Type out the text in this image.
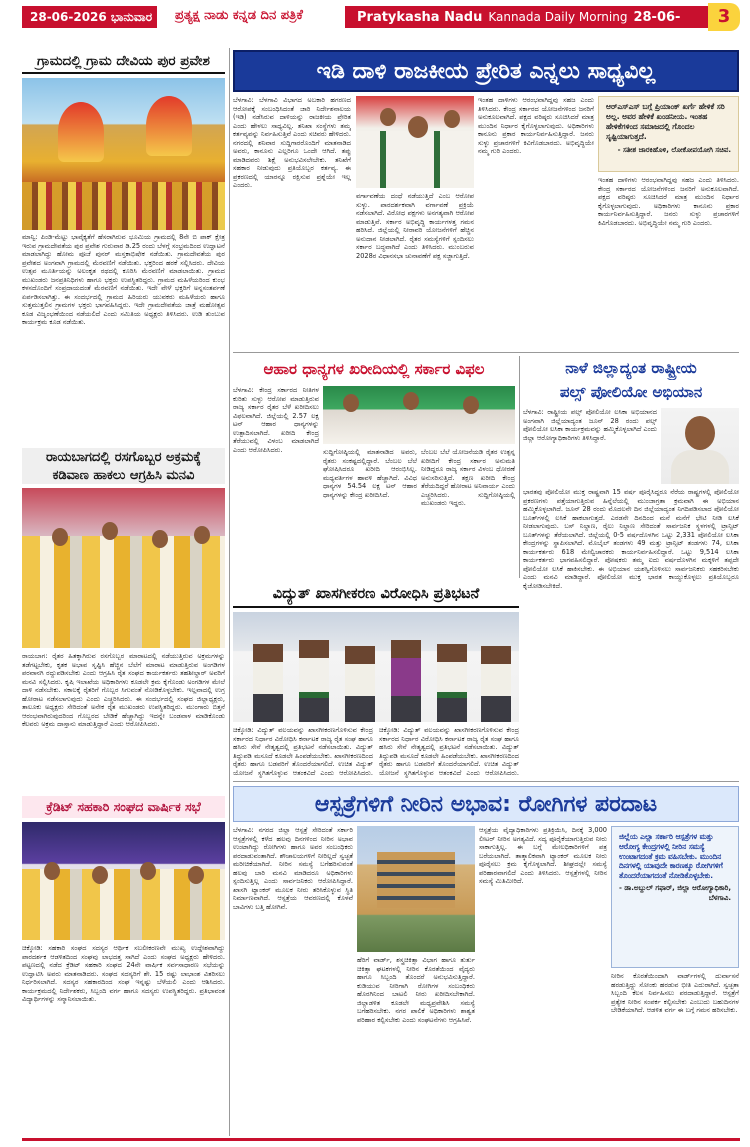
28-06-2026 ಭಾನುವಾರ	ಪ್ರತ್ಯಕ್ಷ ನಾಡು ಕನ್ನಡ ದಿನ ಪತ್ರಿಕೆ	Pratykasha Nadu Kannada Daily Morning 28-06-2026 SUNDAY
3
ಗ್ರಾಮದಲ್ಲಿ ಗ್ರಾಮ ದೇವಿಯ ಪುರ ಪ್ರವೇಶ
ಮಾನ್ವಿ: ಪಿಂಡಿ-ಮೆಟ್ಟು ಭಾವೈಕ್ಯತೆಗೆ ಹೆಸರಾಗಿರುವ ಭೂಮಿಯ ಗ್ರಾಮದಲ್ಲಿ 8ನೇ ಬಿ ಪಾಕ್ ಕ್ಷೇತ್ರ ಇರುವ ಗ್ರಾಮದೇವತೆಯ ಪುರ ಪ್ರವೇಶ ಗುರುವಾರ ಡಿ.25 ರಂದು ಬೆಳಗ್ಗೆ ಸಂಭ್ರಮದಿಂದ ಉದ್ಘಾಟನೆ ಮಾಡಲಾಗಿದ್ದು ಹೋಮ ಪೂಜೆ ಪುನರ್ ಮಸ್ತಕಾಭಿಷೇಕ ನಡೆಯಿತು. ಗ್ರಾಮದೇವತೆಯ ಪುರ ಪ್ರವೇಶದ ಅಂಗವಾಗಿ ಗ್ರಾಮದಲ್ಲಿ ಮೆರವಣಿಗೆ ನಡೆಯಿತು. ಭಕ್ತರಿಂದ ಹರಕೆ ಸಲ್ಲಿಸಿದರು. ದೇವಿಯ ಉತ್ಸವ ಮೂರ್ತಿಯನ್ನು ಅಲಂಕೃತ ರಥದಲ್ಲಿ ಕೂರಿಸಿ ಮೆರವಣಿಗೆ ಮಾಡಲಾಯಿತು. ಗ್ರಾಮದ ಮುಖಂಡರು ಜನಪ್ರತಿನಿಧಿಗಳು ಹಾಗೂ ಭಕ್ತರು ಉಪಸ್ಥಿತರಿದ್ದರು. ಗ್ರಾಮದ ಮಹಿಳೆಯರಿಂದ ಕುಂಭ ಕಳಸದೊಂದಿಗೆ ಸಂಪ್ರದಾಯದಂತೆ ಮೆರವಣಿಗೆ ನಡೆಯಿತು. ಇದೇ ವೇಳೆ ಭಕ್ತರಿಗೆ ಅನ್ನಸಂತರ್ಪಣೆ ಏರ್ಪಡಿಸಲಾಗಿತ್ತು. ಈ ಸಂದರ್ಭದಲ್ಲಿ ಗ್ರಾಮದ ಹಿರಿಯರು ಯುವಕರು ಮಹಿಳೆಯರು ಹಾಗೂ ಸುತ್ತಮುತ್ತಲಿನ ಗ್ರಾಮಗಳ ಭಕ್ತರು ಭಾಗವಹಿಸಿದ್ದರು. ಇದೇ ಗ್ರಾಮದೇವತೆಯ ಜಾತ್ರೆ ಮಹೋತ್ಸವ ಕೂಡ ವಿಜೃಂಭಣೆಯಿಂದ ನಡೆಯಲಿದೆ ಎಂದು ಸಮಿತಿಯ ಅಧ್ಯಕ್ಷರು ತಿಳಿಸಿದರು. ಉಡಿ ತುಂಬುವ ಕಾರ್ಯಕ್ರಮ ಕೂಡ ನಡೆಯಿತು.
ರಾಯಬಾಗದಲ್ಲಿ ರಸಗೊಬ್ಬರ ಅಕ್ರಮಕ್ಕೆ
ಕಡಿವಾಣ ಹಾಕಲು ಆಗ್ರಹಿಸಿ ಮನವಿ
ರಾಯಬಾಗ: ರೈತರ ಹಿತಕ್ಕಾಗಿರುವ ರಸಗೊಬ್ಬರ ಮಾರಾಟದಲ್ಲಿ ನಡೆಯುತ್ತಿರುವ ಅಕ್ರಮಗಳನ್ನು ತಡೆಗಟ್ಟಬೇಕು, ಕೃತಕ ಅಭಾವ ಸೃಷ್ಟಿಸಿ ಹೆಚ್ಚಿನ ಬೆಲೆಗೆ ಮಾರಾಟ ಮಾಡುತ್ತಿರುವ ಅಂಗಡಿಗಳ ಪರವಾನಗಿ ರದ್ದುಪಡಿಸಬೇಕು ಎಂದು ಆಗ್ರಹಿಸಿ ರೈತ ಸಂಘದ ಕಾರ್ಯಕರ್ತರು ತಹಶೀಲ್ದಾರ್ ಅವರಿಗೆ ಮನವಿ ಸಲ್ಲಿಸಿದರು. ಕೃಷಿ ಇಲಾಖೆಯ ಅಧಿಕಾರಿಗಳು ಕೂಡಲೇ ಕ್ರಮ ಕೈಗೊಂಡು ಅಂಗಡಿಗಳ ಮೇಲೆ ದಾಳಿ ನಡೆಸಬೇಕು. ಸಕಾಲಕ್ಕೆ ರೈತರಿಗೆ ಗೊಬ್ಬರ ಸಿಗುವಂತೆ ನೋಡಿಕೊಳ್ಳಬೇಕು. ಇಲ್ಲವಾದಲ್ಲಿ ಉಗ್ರ ಹೋರಾಟ ನಡೆಸಲಾಗುವುದು ಎಂದು ಎಚ್ಚರಿಸಿದರು. ಈ ಸಂದರ್ಭದಲ್ಲಿ ಸಂಘದ ಜಿಲ್ಲಾಧ್ಯಕ್ಷರು, ತಾಲೂಕು ಅಧ್ಯಕ್ಷರು ಸೇರಿದಂತೆ ಅನೇಕ ರೈತ ಮುಖಂಡರು ಉಪಸ್ಥಿತರಿದ್ದರು. ಮುಂಗಾರು ಬಿತ್ತನೆ ಆರಂಭವಾಗಿರುವುದರಿಂದ ಗೊಬ್ಬರದ ಬೇಡಿಕೆ ಹೆಚ್ಚಾಗಿದ್ದು ಇದನ್ನೇ ಬಂಡವಾಳ ಮಾಡಿಕೊಂಡು ಕೆಲವರು ಅಕ್ರಮ ದಾಸ್ತಾನು ಮಾಡುತ್ತಿದ್ದಾರೆ ಎಂದು ಆರೋಪಿಸಿದರು.
ಕ್ರೆಡಿಟ್ ಸಹಕಾರಿ ಸಂಘದ ವಾರ್ಷಿಕ ಸಭೆ
ಚಿಕ್ಕೋಡಿ: ಸಹಕಾರಿ ಸಂಘದ ಸದಸ್ಯರ ಆರ್ಥಿಕ ಸಬಲೀಕರಣವೇ ಮುಖ್ಯ ಉದ್ದೇಶವಾಗಿದ್ದು ಪಾರದರ್ಶಕ ಆಡಳಿತದಿಂದ ಸಂಘವು ಲಾಭದತ್ತ ಸಾಗಿದೆ ಎಂದು ಸಂಘದ ಅಧ್ಯಕ್ಷರು ಹೇಳಿದರು. ಪಟ್ಟಣದಲ್ಲಿ ನಡೆದ ಕ್ರೆಡಿಟ್ ಸಹಕಾರಿ ಸಂಘದ 24ನೇ ವಾರ್ಷಿಕ ಸರ್ವಸಾಧಾರಣ ಸಭೆಯನ್ನು ಉದ್ಘಾಟಿಸಿ ಅವರು ಮಾತನಾಡಿದರು. ಸಂಘದ ಸದಸ್ಯರಿಗೆ ಶೇ. 15 ರಷ್ಟು ಲಾಭಾಂಶ ವಿತರಿಸಲು ನಿರ್ಧರಿಸಲಾಗಿದೆ. ಸದಸ್ಯರ ಸಹಕಾರದಿಂದ ಸಂಘ ಇನ್ನಷ್ಟು ಬೆಳೆಯಲಿ ಎಂದು ಆಶಿಸಿದರು. ಕಾರ್ಯಕ್ರಮದಲ್ಲಿ ನಿರ್ದೇಶಕರು, ಸಿಬ್ಬಂದಿ ವರ್ಗ ಹಾಗೂ ಸದಸ್ಯರು ಉಪಸ್ಥಿತರಿದ್ದರು. ಪ್ರತಿಭಾವಂತ ವಿದ್ಯಾರ್ಥಿಗಳನ್ನು ಸನ್ಮಾನಿಸಲಾಯಿತು.
ಇಡಿ ದಾಳಿ ರಾಜಕೀಯ ಪ್ರೇರಿತ ಎನ್ನಲು ಸಾಧ್ಯವಿಲ್ಲ
ಬೆಳಗಾವಿ: ಬೆಳಗಾವಿ ವಿಭಾಗದ ಅಬಕಾರಿ ಹಗರಣದ ಆರೋಪಕ್ಕೆ ಸಂಬಂಧಿಸಿದಂತೆ ಜಾರಿ ನಿರ್ದೇಶನಾಲಯ (ಇಡಿ) ನಡೆಸಿರುವ ದಾಳಿಯನ್ನು ರಾಜಕೀಯ ಪ್ರೇರಿತ ಎಂದು ಹೇಳಲು ಸಾಧ್ಯವಿಲ್ಲ. ತನಿಖಾ ಸಂಸ್ಥೆಗಳು ತಮ್ಮ ಕರ್ತವ್ಯವನ್ನು ನಿರ್ವಹಿಸುತ್ತಿವೆ ಎಂದು ಸಚಿವರು ಹೇಳಿದರು. ನಗರದಲ್ಲಿ ಶನಿವಾರ ಸುದ್ದಿಗಾರರೊಂದಿಗೆ ಮಾತನಾಡಿದ ಅವರು, ಕಾನೂನು ಎಲ್ಲರಿಗೂ ಒಂದೇ ಆಗಿದೆ. ತಪ್ಪು ಮಾಡಿದವರು ಶಿಕ್ಷೆ ಅನುಭವಿಸಲೇಬೇಕು. ತನಿಖೆಗೆ ಸಹಕಾರ ನೀಡುವುದು ಪ್ರತಿಯೊಬ್ಬರ ಕರ್ತವ್ಯ. ಈ ಪ್ರಕರಣದಲ್ಲಿ ಯಾರನ್ನೂ ರಕ್ಷಿಸುವ ಪ್ರಶ್ನೆಯೇ ಇಲ್ಲ ಎಂದರು.
ವರ್ಗಾವಣೆಯ ದಂಧೆ ನಡೆಯುತ್ತಿದೆ ಎಂಬ ಆರೋಪ ಸುಳ್ಳು. ಪಾರದರ್ಶಕವಾಗಿ ವರ್ಗಾವಣೆ ಪ್ರಕ್ರಿಯೆ ನಡೆಸಲಾಗಿದೆ. ವಿರೋಧ ಪಕ್ಷಗಳು ಅನಗತ್ಯವಾಗಿ ಆರೋಪ ಮಾಡುತ್ತಿವೆ. ಸರ್ಕಾರ ಅಭಿವೃದ್ಧಿ ಕಾರ್ಯಗಳತ್ತ ಗಮನ ಹರಿಸಿದೆ. ಜಿಲ್ಲೆಯಲ್ಲಿ ನೀರಾವರಿ ಯೋಜನೆಗಳಿಗೆ ಹೆಚ್ಚಿನ ಅನುದಾನ ನೀಡಲಾಗಿದೆ. ರೈತರ ಸಮಸ್ಯೆಗಳಿಗೆ ಸ್ಪಂದಿಸಲು ಸರ್ಕಾರ ಬದ್ಧವಾಗಿದೆ ಎಂದು ತಿಳಿಸಿದರು. ಮುಂಬರುವ 2028ರ ವಿಧಾನಸಭಾ ಚುನಾವಣೆಗೆ ಪಕ್ಷ ಸಜ್ಜಾಗುತ್ತಿದೆ.
ಇಂತಹ ದಾಳಿಗಳು ಆರಂಭವಾಗಿದ್ದವು ಸಹಜ ಎಂದು ತಿಳಿಸಿದರು. ಕೇಂದ್ರ ಸರ್ಕಾರದ ಯೋಜನೆಗಳಿಂದ ಜನರಿಗೆ ಅನುಕೂಲವಾಗಿದೆ. ಪಕ್ಷದ ವರಿಷ್ಠರು ಸೂಚಿಸಿದರೆ ಮಾತ್ರ ಮುಂದಿನ ನಿರ್ಧಾರ ಕೈಗೊಳ್ಳಲಾಗುವುದು. ಅಧಿಕಾರಿಗಳು ಕಾನೂನು ಪ್ರಕಾರ ಕಾರ್ಯನಿರ್ವಹಿಸುತ್ತಿದ್ದಾರೆ. ಜನರು ಸುಳ್ಳು ಪ್ರಚಾರಗಳಿಗೆ ಕಿವಿಗೊಡಬಾರದು. ಅಭಿವೃದ್ಧಿಯೇ ನಮ್ಮ ಗುರಿ ಎಂದರು.
ಆರ್‌ಎಸ್‌ಎಸ್ ಬಗ್ಗೆ ಪ್ರಿಯಾಂಕ್ ಖರ್ಗೆ ಹೇಳಿಕೆ ಸರಿ ಅಲ್ಲ. ಅವರ ಹೇಳಿಕೆ ಖಂಡನೀಯ. ಇಂತಹ ಹೇಳಿಕೆಗಳಿಂದ ಸಮಾಜದಲ್ಲಿ ಗೊಂದಲ ಸೃಷ್ಟಿಯಾಗುತ್ತದೆ.
- ಸತೀಶ ಜಾರಕಿಹೊಳಿ, ಲೋಕೋಪಯೋಗಿ ಸಚಿವ.
ಇಂತಹ ದಾಳಿಗಳು ಆರಂಭವಾಗಿದ್ದವು ಸಹಜ ಎಂದು ತಿಳಿಸಿದರು. ಕೇಂದ್ರ ಸರ್ಕಾರದ ಯೋಜನೆಗಳಿಂದ ಜನರಿಗೆ ಅನುಕೂಲವಾಗಿದೆ. ಪಕ್ಷದ ವರಿಷ್ಠರು ಸೂಚಿಸಿದರೆ ಮಾತ್ರ ಮುಂದಿನ ನಿರ್ಧಾರ ಕೈಗೊಳ್ಳಲಾಗುವುದು. ಅಧಿಕಾರಿಗಳು ಕಾನೂನು ಪ್ರಕಾರ ಕಾರ್ಯನಿರ್ವಹಿಸುತ್ತಿದ್ದಾರೆ. ಜನರು ಸುಳ್ಳು ಪ್ರಚಾರಗಳಿಗೆ ಕಿವಿಗೊಡಬಾರದು. ಅಭಿವೃದ್ಧಿಯೇ ನಮ್ಮ ಗುರಿ ಎಂದರು.
ಆಹಾರ ಧಾನ್ಯಗಳ ಖರೀದಿಯಲ್ಲಿ ಸರ್ಕಾರ ವಿಫಲ
ಬೆಳಗಾವಿ: ಕೇಂದ್ರ ಸರ್ಕಾರದ ನೀತಿಗಳ ಕುರಿತು ಸುಳ್ಳು ಆರೋಪ ಮಾಡುತ್ತಿರುವ ರಾಜ್ಯ ಸರ್ಕಾರ ರೈತರ ಬೆಳೆ ಖರೀದಿಸಲು ವಿಫಲವಾಗಿದೆ. ಜಿಲ್ಲೆಯಲ್ಲಿ 2.57 ಲಕ್ಷ ಟನ್ ಆಹಾರ ಧಾನ್ಯಗಳನ್ನು ಉತ್ಪಾದಿಸಲಾಗಿದೆ. ಖರೀದಿ ಕೇಂದ್ರ ತೆರೆಯುವಲ್ಲಿ ವಿಳಂಬ ಮಾಡಲಾಗಿದೆ ಎಂದು ಆರೋಪಿಸಿದರು.	ಸುದ್ದಿಗೋಷ್ಠಿಯಲ್ಲಿ ಮಾತನಾಡಿದ ಅವರು, ರೈತರು ಸಂಕಷ್ಟದಲ್ಲಿದ್ದಾರೆ. ಬೆಂಬಲ ಬೆಲೆ ಘೋಷಿಸಿದರೂ ಖರೀದಿ ಆರಂಭಿಸಿಲ್ಲ. ಮಧ್ಯವರ್ತಿಗಳ ಹಾವಳಿ ಹೆಚ್ಚಾಗಿದೆ. ವಿವಿಧ ಧಾನ್ಯಗಳ 54.54 ಲಕ್ಷ ಟನ್ ಆಹಾರ ಧಾನ್ಯಗಳನ್ನು ಕೇಂದ್ರ ಖರೀದಿಸಿದೆ.
ಬೆಂಬಲ ಬೆಲೆ ಯೋಜನೆಯಡಿ ರೈತರ ಉತ್ಪನ್ನ ಖರೀದಿಗೆ ಕೇಂದ್ರ ಸರ್ಕಾರ ಅನುಮತಿ ನೀಡಿದ್ದರೂ ರಾಜ್ಯ ಸರ್ಕಾರ ವಿಳಂಬ ಧೋರಣೆ ಅನುಸರಿಸುತ್ತಿದೆ. ತಕ್ಷಣ ಖರೀದಿ ಕೇಂದ್ರ ತೆರೆಯದಿದ್ದರೆ ಹೋರಾಟ ಅನಿವಾರ್ಯ ಎಂದು ಎಚ್ಚರಿಸಿದರು. ಸುದ್ದಿಗೋಷ್ಠಿಯಲ್ಲಿ ಮುಖಂಡರು ಇದ್ದರು.
ನಾಳೆ ಜಿಲ್ಲಾದ್ಯಂತ ರಾಷ್ಟ್ರೀಯ
ಪಲ್ಸ್ ಪೋಲಿಯೋ ಅಭಿಯಾನ
ಬೆಳಗಾವಿ: ರಾಷ್ಟ್ರೀಯ ಪಲ್ಸ್ ಪೋಲಿಯೋ ಲಸಿಕಾ ಅಭಿಯಾನದ ಅಂಗವಾಗಿ ಜಿಲ್ಲೆಯಾದ್ಯಂತ ಜೂನ್ 28 ರಂದು ಪಲ್ಸ್ ಪೋಲಿಯೋ ಲಸಿಕಾ ಕಾರ್ಯಕ್ರಮವನ್ನು ಹಮ್ಮಿಕೊಳ್ಳಲಾಗಿದೆ ಎಂದು ಜಿಲ್ಲಾ ಆರೋಗ್ಯಾಧಿಕಾರಿಗಳು ತಿಳಿಸಿದ್ದಾರೆ.
ಭಾರತವು ಪೋಲಿಯೋ ಮುಕ್ತ ರಾಷ್ಟ್ರವಾಗಿ 15 ವರ್ಷ ಪೂರೈಸಿದ್ದರೂ ನೆರೆಯ ರಾಷ್ಟ್ರಗಳಲ್ಲಿ ಪೋಲಿಯೋ ಪ್ರಕರಣಗಳು ಪತ್ತೆಯಾಗುತ್ತಿರುವ ಹಿನ್ನೆಲೆಯಲ್ಲಿ ಮುಂಜಾಗ್ರತಾ ಕ್ರಮವಾಗಿ ಈ ಅಭಿಯಾನ ಹಮ್ಮಿಕೊಳ್ಳಲಾಗಿದೆ. ಜೂನ್ 28 ರಂದು ಮೊದಲನೇ ದಿನ ಜಿಲ್ಲೆಯಾದ್ಯಂತ ನಿಗದಿಪಡಿಸಲಾದ ಪೋಲಿಯೋ ಬೂತ್‌ಗಳಲ್ಲಿ ಲಸಿಕೆ ಹಾಕಲಾಗುತ್ತದೆ. ಎರಡನೇ ದಿನದಿಂದ ಮನೆ ಮನೆಗೆ ಭೇಟಿ ನೀಡಿ ಲಸಿಕೆ ನೀಡಲಾಗುವುದು. ಬಸ್ ನಿಲ್ದಾಣ, ರೈಲು ನಿಲ್ದಾಣ ಸೇರಿದಂತೆ ಸಾರ್ವಜನಿಕ ಸ್ಥಳಗಳಲ್ಲಿ ಟ್ರಾನ್ಸಿಟ್ ಬೂತ್‌ಗಳನ್ನು ತೆರೆಯಲಾಗಿದೆ. ಜಿಲ್ಲೆಯಲ್ಲಿ 0-5 ವರ್ಷದೊಳಗಿನ ಒಟ್ಟು 2,331 ಪೋಲಿಯೋ ಲಸಿಕಾ ಕೇಂದ್ರಗಳನ್ನು ಸ್ಥಾಪಿಸಲಾಗಿದೆ. ಮೊಬೈಲ್ ತಂಡಗಳು 49 ಮತ್ತು ಟ್ರಾನ್ಸಿಟ್ ತಂಡಗಳು 74, ಲಸಿಕಾ ಕಾರ್ಯಕರ್ತರು 618 ಮೇಲ್ವಿಚಾರಕರು ಕಾರ್ಯನಿರ್ವಹಿಸಲಿದ್ದಾರೆ. ಒಟ್ಟು 9,514 ಲಸಿಕಾ ಕಾರ್ಯಕರ್ತರು ಭಾಗವಹಿಸಲಿದ್ದಾರೆ. ಪೋಷಕರು ತಮ್ಮ ಐದು ವರ್ಷದೊಳಗಿನ ಮಕ್ಕಳಿಗೆ ತಪ್ಪದೇ ಪೋಲಿಯೋ ಲಸಿಕೆ ಹಾಕಿಸಬೇಕು. ಈ ಅಭಿಯಾನ ಯಶಸ್ವಿಗೊಳಿಸಲು ಸಾರ್ವಜನಿಕರು ಸಹಕರಿಸಬೇಕು ಎಂದು ಮನವಿ ಮಾಡಿದ್ದಾರೆ. ಪೋಲಿಯೋ ಮುಕ್ತ ಭಾರತ ಕಾಯ್ದುಕೊಳ್ಳಲು ಪ್ರತಿಯೊಬ್ಬರೂ ಕೈಜೋಡಿಸಬೇಕಿದೆ.
ವಿದ್ಯುತ್ ಖಾಸಗೀಕರಣ ವಿರೋಧಿಸಿ ಪ್ರತಿಭಟನೆ
ಚಿಕ್ಕೋಡಿ: ವಿದ್ಯುತ್ ವಲಯವನ್ನು ಖಾಸಗೀಕರಣಗೊಳಿಸುವ ಕೇಂದ್ರ ಸರ್ಕಾರದ ನಿರ್ಧಾರ ವಿರೋಧಿಸಿ ಕರ್ನಾಟಕ ರಾಜ್ಯ ರೈತ ಸಂಘ ಹಾಗೂ ಹಸಿರು ಸೇನೆ ನೇತೃತ್ವದಲ್ಲಿ ಪ್ರತಿಭಟನೆ ನಡೆಸಲಾಯಿತು. ವಿದ್ಯುತ್ ತಿದ್ದುಪಡಿ ಮಸೂದೆ ಕೂಡಲೇ ಹಿಂಪಡೆಯಬೇಕು. ಖಾಸಗೀಕರಣದಿಂದ ರೈತರು ಹಾಗೂ ಬಡವರಿಗೆ ತೊಂದರೆಯಾಗಲಿದೆ. ಉಚಿತ ವಿದ್ಯುತ್ ಯೋಜನೆ ಸ್ಥಗಿತಗೊಳ್ಳುವ ಆತಂಕವಿದೆ ಎಂದು ಆರೋಪಿಸಿದರು.
ಚಿಕ್ಕೋಡಿ: ವಿದ್ಯುತ್ ವಲಯವನ್ನು ಖಾಸಗೀಕರಣಗೊಳಿಸುವ ಕೇಂದ್ರ ಸರ್ಕಾರದ ನಿರ್ಧಾರ ವಿರೋಧಿಸಿ ಕರ್ನಾಟಕ ರಾಜ್ಯ ರೈತ ಸಂಘ ಹಾಗೂ ಹಸಿರು ಸೇನೆ ನೇತೃತ್ವದಲ್ಲಿ ಪ್ರತಿಭಟನೆ ನಡೆಸಲಾಯಿತು. ವಿದ್ಯುತ್ ತಿದ್ದುಪಡಿ ಮಸೂದೆ ಕೂಡಲೇ ಹಿಂಪಡೆಯಬೇಕು. ಖಾಸಗೀಕರಣದಿಂದ ರೈತರು ಹಾಗೂ ಬಡವರಿಗೆ ತೊಂದರೆಯಾಗಲಿದೆ. ಉಚಿತ ವಿದ್ಯುತ್ ಯೋಜನೆ ಸ್ಥಗಿತಗೊಳ್ಳುವ ಆತಂಕವಿದೆ ಎಂದು ಆರೋಪಿಸಿದರು.
ಆಸ್ಪತ್ರೆಗಳಿಗೆ ನೀರಿನ ಅಭಾವ: ರೋಗಿಗಳ ಪರದಾಟ
ಬೆಳಗಾವಿ: ನಗರದ ಜಿಲ್ಲಾ ಆಸ್ಪತ್ರೆ ಸೇರಿದಂತೆ ಸರ್ಕಾರಿ ಆಸ್ಪತ್ರೆಗಳಲ್ಲಿ ಕಳೆದ ಹಲವು ದಿನಗಳಿಂದ ನೀರಿನ ಅಭಾವ ಉಂಟಾಗಿದ್ದು ರೋಗಿಗಳು ಹಾಗೂ ಅವರ ಸಂಬಂಧಿಕರು ಪರದಾಡುವಂತಾಗಿದೆ. ಶೌಚಾಲಯಗಳಿಗೆ ನೀರಿಲ್ಲದೆ ಸ್ವಚ್ಛತೆ ಮರೀಚಿಕೆಯಾಗಿದೆ. ನೀರಿನ ಸಮಸ್ಯೆ ಬಗೆಹರಿಸುವಂತೆ ಹಲವು ಬಾರಿ ಮನವಿ ಮಾಡಿದರೂ ಅಧಿಕಾರಿಗಳು ಸ್ಪಂದಿಸುತ್ತಿಲ್ಲ ಎಂದು ಸಾರ್ವಜನಿಕರು ಆರೋಪಿಸಿದ್ದಾರೆ. ಖಾಸಗಿ ಟ್ಯಾಂಕರ್ ಮೂಲಕ ನೀರು ತರಿಸಿಕೊಳ್ಳುವ ಸ್ಥಿತಿ ನಿರ್ಮಾಣವಾಗಿದೆ. ಆಸ್ಪತ್ರೆಯ ಆವರಣದಲ್ಲಿ ಕೊಳವೆ ಬಾವಿಗಳು ಬತ್ತಿ ಹೋಗಿವೆ.
ಹೆರಿಗೆ ವಾರ್ಡ್, ಶಸ್ತ್ರಚಿಕಿತ್ಸಾ ವಿಭಾಗ ಹಾಗೂ ತುರ್ತು ಚಿಕಿತ್ಸಾ ಘಟಕಗಳಲ್ಲಿ ನೀರಿನ ಕೊರತೆಯಿಂದ ವೈದ್ಯರು ಹಾಗೂ ಸಿಬ್ಬಂದಿ ತೊಂದರೆ ಅನುಭವಿಸುತ್ತಿದ್ದಾರೆ. ಕುಡಿಯುವ ನೀರಿಗಾಗಿ ರೋಗಿಗಳ ಸಂಬಂಧಿಕರು ಹೊರಗಿನಿಂದ ಬಾಟಲಿ ನೀರು ಖರೀದಿಸಬೇಕಾಗಿದೆ. ಜಿಲ್ಲಾಡಳಿತ ಕೂಡಲೇ ಮಧ್ಯಪ್ರವೇಶಿಸಿ ಸಮಸ್ಯೆ ಬಗೆಹರಿಸಬೇಕು. ನಗರ ಪಾಲಿಕೆ ಅಧಿಕಾರಿಗಳು ಶಾಶ್ವತ ಪರಿಹಾರ ಕಲ್ಪಿಸಬೇಕು ಎಂದು ಸಂಘಟನೆಗಳು ಆಗ್ರಹಿಸಿವೆ.
ಆಸ್ಪತ್ರೆಯ ವೈದ್ಯಾಧಿಕಾರಿಗಳು ಪ್ರತಿಕ್ರಿಯಿಸಿ, ದಿನಕ್ಕೆ 3,000 ಲೀಟರ್ ನೀರಿನ ಅಗತ್ಯವಿದೆ. ಸದ್ಯ ಪೂರೈಕೆಯಾಗುತ್ತಿರುವ ನೀರು ಸಾಕಾಗುತ್ತಿಲ್ಲ. ಈ ಬಗ್ಗೆ ಮೇಲಧಿಕಾರಿಗಳಿಗೆ ಪತ್ರ ಬರೆಯಲಾಗಿದೆ. ತಾತ್ಕಾಲಿಕವಾಗಿ ಟ್ಯಾಂಕರ್ ಮೂಲಕ ನೀರು ಪೂರೈಸಲು ಕ್ರಮ ಕೈಗೊಳ್ಳಲಾಗಿದೆ. ಶೀಘ್ರದಲ್ಲೇ ಸಮಸ್ಯೆ ಪರಿಹಾರವಾಗಲಿದೆ ಎಂದು ತಿಳಿಸಿದರು. ಆಸ್ಪತ್ರೆಗಳಲ್ಲಿ ನೀರಿನ ಸಮಸ್ಯೆ ಮಿತಿಮೀರಿದೆ.
ಜಿಲ್ಲೆಯ ಎಲ್ಲಾ ಸರ್ಕಾರಿ ಆಸ್ಪತ್ರೆಗಳ ಮತ್ತು ಆರೋಗ್ಯ ಕೇಂದ್ರಗಳಲ್ಲಿ ನೀರಿನ ಸಮಸ್ಯೆ ಉಂಟಾಗದಂತೆ ಕ್ರಮ ವಹಿಸಬೇಕು. ಮುಂದಿನ ದಿನಗಳಲ್ಲಿ ಯಾವುದೇ ಕಾರಣಕ್ಕೂ ರೋಗಿಗಳಿಗೆ ತೊಂದರೆಯಾಗದಂತೆ ನೋಡಿಕೊಳ್ಳಬೇಕು.
- ಡಾ.ಅಬ್ದುಲ್ ಗಫಾರ್, ಜಿಲ್ಲಾ ಆರೋಗ್ಯಾಧಿಕಾರಿ, ಬೆಳಗಾವಿ.
ನೀರಿನ ಕೊರತೆಯಿಂದಾಗಿ ವಾರ್ಡ್‌ಗಳಲ್ಲಿ ದುರ್ವಾಸನೆ ಹರಡುತ್ತಿದ್ದು ಸೋಂಕು ಹರಡುವ ಭೀತಿ ಎದುರಾಗಿದೆ. ಸ್ವಚ್ಛತಾ ಸಿಬ್ಬಂದಿ ಕೆಲಸ ನಿರ್ವಹಿಸಲು ಪರದಾಡುತ್ತಿದ್ದಾರೆ. ಆಸ್ಪತ್ರೆಗೆ ಪ್ರತ್ಯೇಕ ನೀರಿನ ಸಂಪರ್ಕ ಕಲ್ಪಿಸಬೇಕು ಎಂಬುದು ಬಹುದಿನಗಳ ಬೇಡಿಕೆಯಾಗಿದೆ. ಆಡಳಿತ ವರ್ಗ ಈ ಬಗ್ಗೆ ಗಮನ ಹರಿಸಬೇಕು.
